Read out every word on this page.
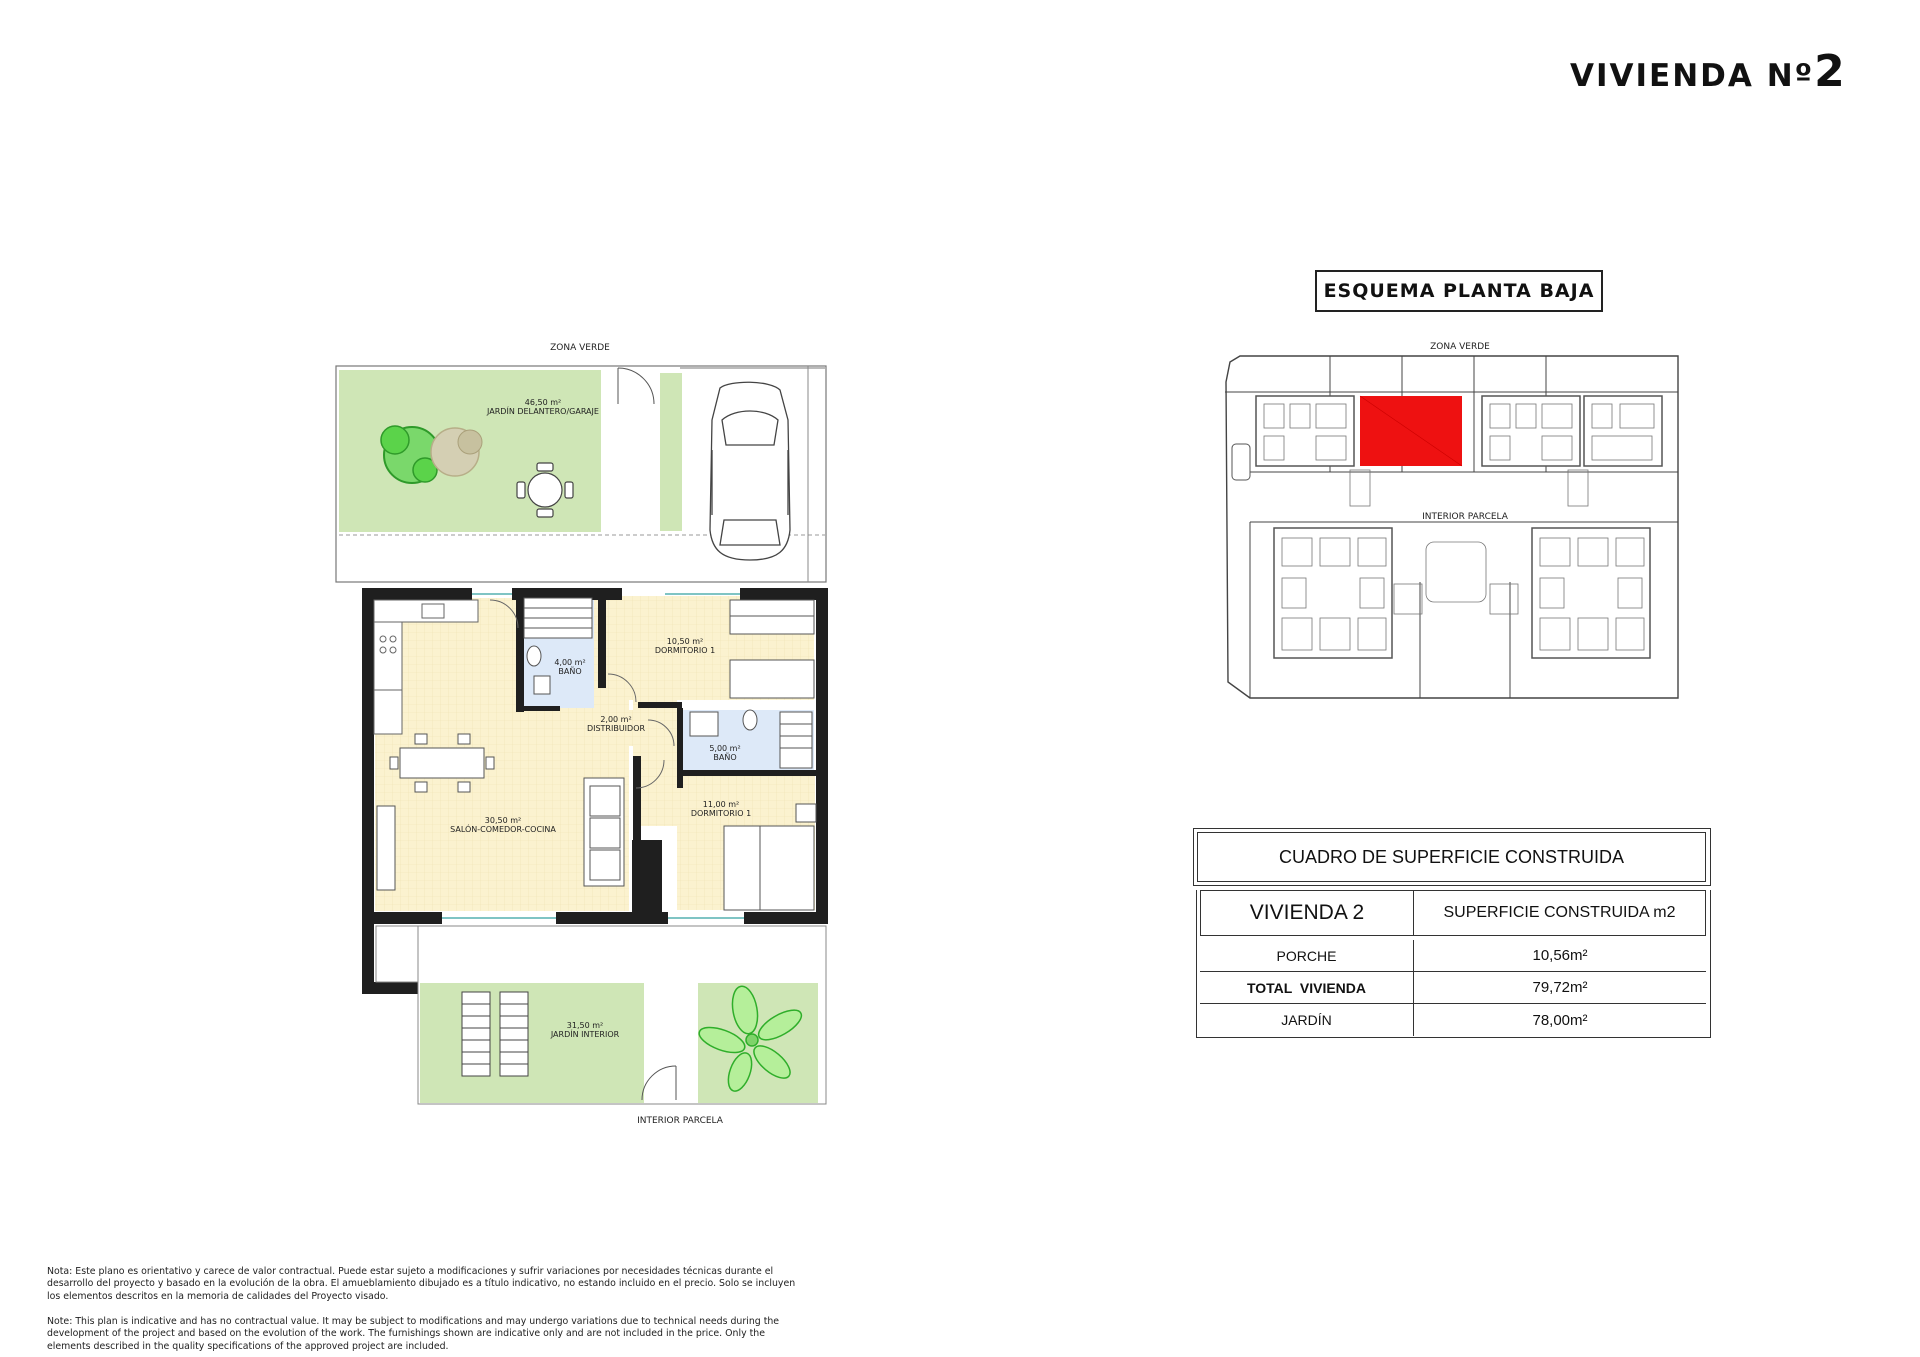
VIVIENDA Nº2
ZONA VERDE
INTERIOR PARCELA
46,50 m²
JARDÍN DELANTERO/GARAJE
4,00 m²
BAÑO
10,50 m²
DORMITORIO 1
2,00 m²
DISTRIBUIDOR
5,00 m²
BAÑO
30,50 m²
SALÓN-COMEDOR-COCINA
11,00 m²
DORMITORIO 1
31,50 m²
JARDÍN INTERIOR
ESQUEMA PLANTA BAJA
ZONA VERDE
INTERIOR PARCELA
CUADRO DE SUPERFICIE CONSTRUIDA
VIVIENDA 2	SUPERFICIE CONSTRUIDA m2
PORCHE	10,56m²
TOTAL  VIVIENDA	79,72m²
JARDÍN	78,00m²
Nota: Este plano es orientativo y carece de valor contractual. Puede estar sujeto a modificaciones y sufrir variaciones por necesidades técnicas durante el desarrollo del proyecto y basado en la evolución de la obra. El amueblamiento dibujado es a título indicativo, no estando incluido en el precio. Solo se incluyen los elementos descritos en la memoria de calidades del Proyecto visado.
Note: This plan is indicative and has no contractual value. It may be subject to modifications and may undergo variations due to technical needs during the development of the project and based on the evolution of the work. The furnishings shown are indicative only and are not included in the price. Only the elements described in the quality specifications of the approved project are included.
